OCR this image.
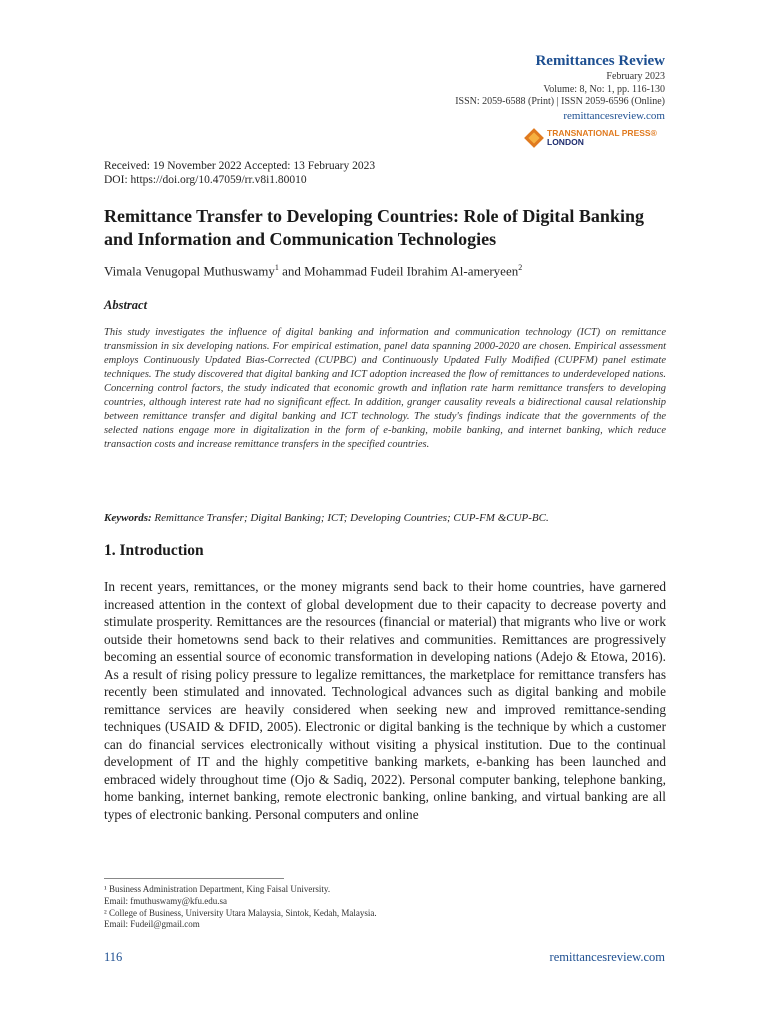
Remittances Review
February 2023
Volume: 8, No: 1, pp. 116-130
ISSN: 2059-6588 (Print) | ISSN 2059-6596 (Online)
remittancesreview.com
TRANSNATIONAL PRESS®
LONDON
Received: 19 November 2022 Accepted: 13 February 2023
DOI: https://doi.org/10.47059/rr.v8i1.80010
Remittance Transfer to Developing Countries: Role of Digital Banking and Information and Communication Technologies
Vimala Venugopal Muthuswamy$^1$ and Mohammad Fudeil Ibrahim Al-ameryeen$^2$
Abstract

This study investigates the influence of digital banking and information and communication technology (ICT) on remittance transmission in six developing nations. For empirical estimation, panel data spanning 2000-2020 are chosen. Empirical assessment employs Continuously Updated Bias-Corrected (CUPBC) and Continuously Updated Fully Modified (CUPFM) panel estimate techniques. The study discovered that digital banking and ICT adoption increased the flow of remittances to underdeveloped nations. Concerning control factors, the study indicated that economic growth and inflation rate harm remittance transfers to developing countries, although interest rate had no significant effect. In addition, granger causality reveals a bidirectional causal relationship between remittance transfer and digital banking and ICT technology. The study's findings indicate that the governments of the selected nations engage more in digitalization in the form of e-banking, mobile banking, and internet banking, which reduce transaction costs and increase remittance transfers in the specified countries.

Keywords: Remittance Transfer; Digital Banking; ICT; Developing Countries; CUP-FM &CUP-BC.
1. Introduction

In recent years, remittances, or the money migrants send back to their home countries, have garnered increased attention in the context of global development due to their capacity to decrease poverty and stimulate prosperity. Remittances are the resources (financial or material) that migrants who live or work outside their hometowns send back to their relatives and communities. Remittances are progressively becoming an essential source of economic transformation in developing nations (Adejo & Etowa, 2016). As a result of rising policy pressure to legalize remittances, the marketplace for remittance transfers has recently been stimulated and innovated. Technological advances such as digital banking and mobile remittance services are heavily considered when seeking new and improved remittance-sending techniques (USAID & DFID, 2005). Electronic or digital banking is the technique by which a customer can do financial services electronically without visiting a physical institution. Due to the continual development of IT and the highly competitive banking markets, e-banking has been launched and embraced widely throughout time (Ojo & Sadiq, 2022). Personal computer banking, telephone banking, home banking, internet banking, remote electronic banking, online banking, and virtual banking are all types of electronic banking. Personal computers and online

¹ Business Administration Department, King Faisal University.
Email: fmuthuswamy@kfu.edu.sa
² College of Business, University Utara Malaysia, Sintok, Kedah, Malaysia.
Email: Fudeil@gmail.com
116	remittancesreview.com
